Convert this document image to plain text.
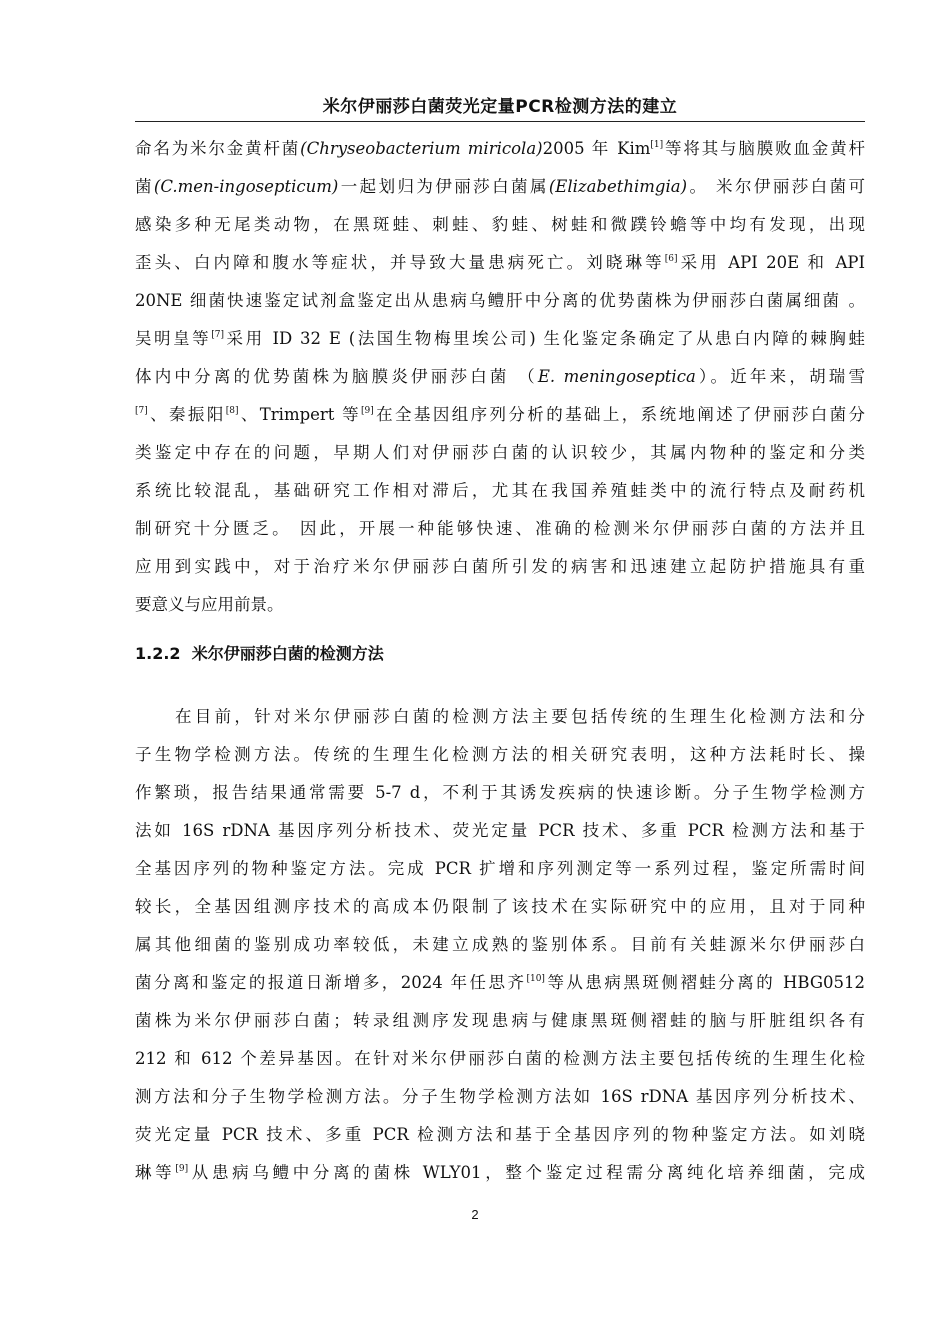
米尔伊丽莎白菌荧光定量PCR检测方法的建立
命名为米尔金黄杆菌(Chryseobacterium miricola)2005 年 Kim[1]等将其与脑膜败血金黄杆
菌(C.men-ingosepticum)一起划归为伊丽莎白菌属(Elizabethimgia)。 米尔伊丽莎白菌可
感染多种无尾类动物，在黑斑蛙、刺蛙、豹蛙、树蛙和微蹼铃蟾等中均有发现，出现
歪头、白内障和腹水等症状，并导致大量患病死亡。刘晓琳等[6]采用 API 20E 和 API
20NE 细菌快速鉴定试剂盒鉴定出从患病乌鳢肝中分离的优势菌株为伊丽莎白菌属细菌 。
吴明皇等[7]采用 ID 32 E (法国生物梅里埃公司) 生化鉴定条确定了从患白内障的棘胸蛙
体内中分离的优势菌株为脑膜炎伊丽莎白菌 （E. meningoseptica）。近年来，胡瑞雪
[7]、秦振阳[8]、Trimpert 等[9]在全基因组序列分析的基础上，系统地阐述了伊丽莎白菌分
类鉴定中存在的问题，早期人们对伊丽莎白菌的认识较少，其属内物种的鉴定和分类
系统比较混乱，基础研究工作相对滞后，尤其在我国养殖蛙类中的流行特点及耐药机
制研究十分匮乏。 因此，开展一种能够快速、准确的检测米尔伊丽莎白菌的方法并且
应用到实践中，对于治疗米尔伊丽莎白菌所引发的病害和迅速建立起防护措施具有重
要意义与应用前景。
1.2.2 米尔伊丽莎白菌的检测方法
在目前，针对米尔伊丽莎白菌的检测方法主要包括传统的生理生化检测方法和分
子生物学检测方法。传统的生理生化检测方法的相关研究表明，这种方法耗时长、操
作繁琐，报告结果通常需要 5-7 d，不利于其诱发疾病的快速诊断。分子生物学检测方
法如 16S rDNA 基因序列分析技术、荧光定量 PCR 技术、多重 PCR 检测方法和基于
全基因序列的物种鉴定方法。完成 PCR 扩增和序列测定等一系列过程，鉴定所需时间
较长，全基因组测序技术的高成本仍限制了该技术在实际研究中的应用，且对于同种
属其他细菌的鉴别成功率较低，未建立成熟的鉴别体系。目前有关蛙源米尔伊丽莎白
菌分离和鉴定的报道日渐增多，2024 年任思齐[10]等从患病黑斑侧褶蛙分离的 HBG0512
菌株为米尔伊丽莎白菌；转录组测序发现患病与健康黑斑侧褶蛙的脑与肝脏组织各有
212 和 612 个差异基因。在针对米尔伊丽莎白菌的检测方法主要包括传统的生理生化检
测方法和分子生物学检测方法。分子生物学检测方法如 16S rDNA 基因序列分析技术、
荧光定量 PCR 技术、多重 PCR 检测方法和基于全基因序列的物种鉴定方法。如刘晓
琳等[9]从患病乌鳢中分离的菌株 WLY01，整个鉴定过程需分离纯化培养细菌，完成
2
